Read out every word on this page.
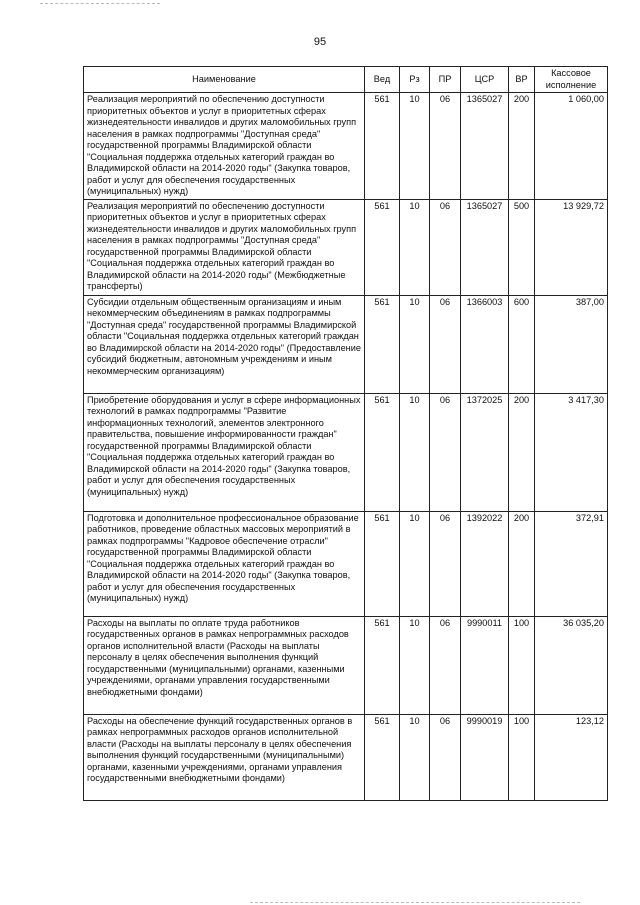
95
Наименование	Вед	Рз	ПР	ЦСР	ВР	Кассовое исполнение
Реализация мероприятий по обеспечению доступности приоритетных объектов и услуг в приоритетных сферах жизнедеятельности инвалидов и других маломобильных групп населения в рамках подпрограммы "Доступная среда" государственной программы Владимирской области "Социальная поддержка отдельных категорий граждан во Владимирской области на 2014-2020 годы" (Закупка товаров, работ и услуг для обеспечения государственных (муниципальных) нужд)	561	10	06	1365027	200	1 060,00
Реализация мероприятий по обеспечению доступности приоритетных объектов и услуг в приоритетных сферах жизнедеятельности инвалидов и других маломобильных групп населения в рамках подпрограммы "Доступная среда" государственной программы Владимирской области "Социальная поддержка отдельных категорий граждан во Владимирской области на 2014-2020 годы" (Межбюджетные трансферты)	561	10	06	1365027	500	13 929,72
Субсидии отдельным общественным организациям и иным некоммерческим объединениям в рамках подпрограммы "Доступная среда" государственной программы Владимирской области "Социальная поддержка отдельных категорий граждан во Владимирской области на 2014-2020 годы" (Предоставление субсидий бюджетным, автономным учреждениям и иным некоммерческим организациям)	561	10	06	1366003	600	387,00
Приобретение оборудования и услуг в сфере информационных технологий в рамках подпрограммы "Развитие информационных технологий, элементов электронного правительства, повышение информированности граждан" государственной программы Владимирской области "Социальная поддержка отдельных категорий граждан во Владимирской области на 2014-2020 годы" (Закупка товаров, работ и услуг для обеспечения государственных (муниципальных) нужд)	561	10	06	1372025	200	3 417,30
Подготовка и дополнительное профессиональное образование работников, проведение областных массовых мероприятий в рамках подпрограммы "Кадровое обеспечение отрасли" государственной программы Владимирской области "Социальная поддержка отдельных категорий граждан во Владимирской области на 2014-2020 годы" (Закупка товаров, работ и услуг для обеспечения государственных (муниципальных) нужд)	561	10	06	1392022	200	372,91
Расходы на выплаты по оплате труда работников государственных органов в рамках непрограммных расходов органов исполнительной власти (Расходы на выплаты персоналу в целях обеспечения выполнения функций государственными (муниципальными) органами, казенными учреждениями, органами управления государственными внебюджетными фондами)	561	10	06	9990011	100	36 035,20
Расходы на обеспечение функций государственных органов в рамках непрограммных расходов органов исполнительной власти (Расходы на выплаты персоналу в целях обеспечения выполнения функций государственными (муниципальными) органами, казенными учреждениями, органами управления государственными внебюджетными фондами)	561	10	06	9990019	100	123,12
